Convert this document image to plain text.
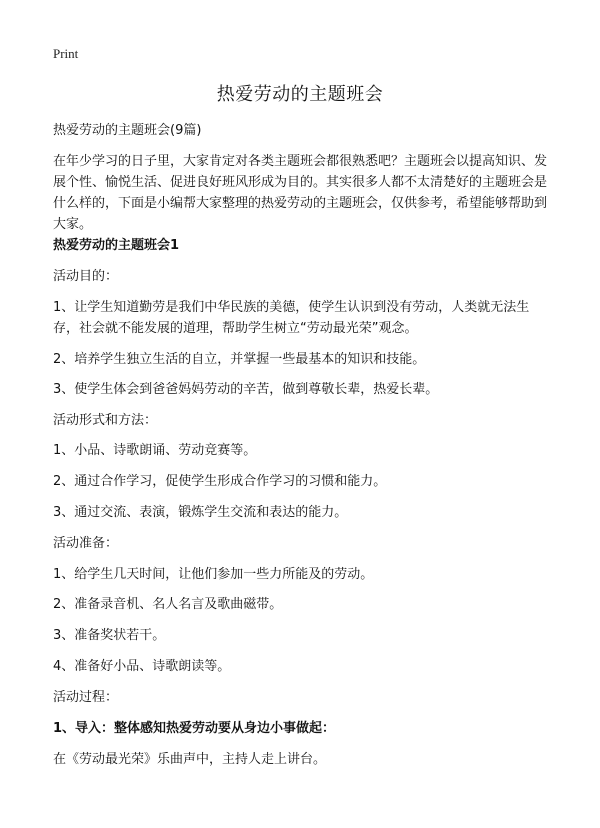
Print
热爱劳动的主题班会

热爱劳动的主题班会(9篇)

在年少学习的日子里，大家肯定对各类主题班会都很熟悉吧？主题班会以提高知识、发展个性、愉悦生活、促进良好班风形成为目的。其实很多人都不太清楚好的主题班会是什么样的，下面是小编帮大家整理的热爱劳动的主题班会，仅供参考，希望能够帮助到大家。

热爱劳动的主题班会1

活动目的：

1、让学生知道勤劳是我们中华民族的美德，使学生认识到没有劳动，人类就无法生存，社会就不能发展的道理，帮助学生树立“劳动最光荣”观念。

2、培养学生独立生活的自立，并掌握一些最基本的知识和技能。

3、使学生体会到爸爸妈妈劳动的辛苦，做到尊敬长辈，热爱长辈。

活动形式和方法：

1、小品、诗歌朗诵、劳动竞赛等。

2、通过合作学习，促使学生形成合作学习的习惯和能力。

3、通过交流、表演，锻炼学生交流和表达的能力。

活动准备：

1、给学生几天时间，让他们参加一些力所能及的劳动。

2、准备录音机、名人名言及歌曲磁带。

3、准备奖状若干。

4、准备好小品、诗歌朗读等。

活动过程：

1、导入：整体感知热爱劳动要从身边小事做起：

在《劳动最光荣》乐曲声中，主持人走上讲台。
